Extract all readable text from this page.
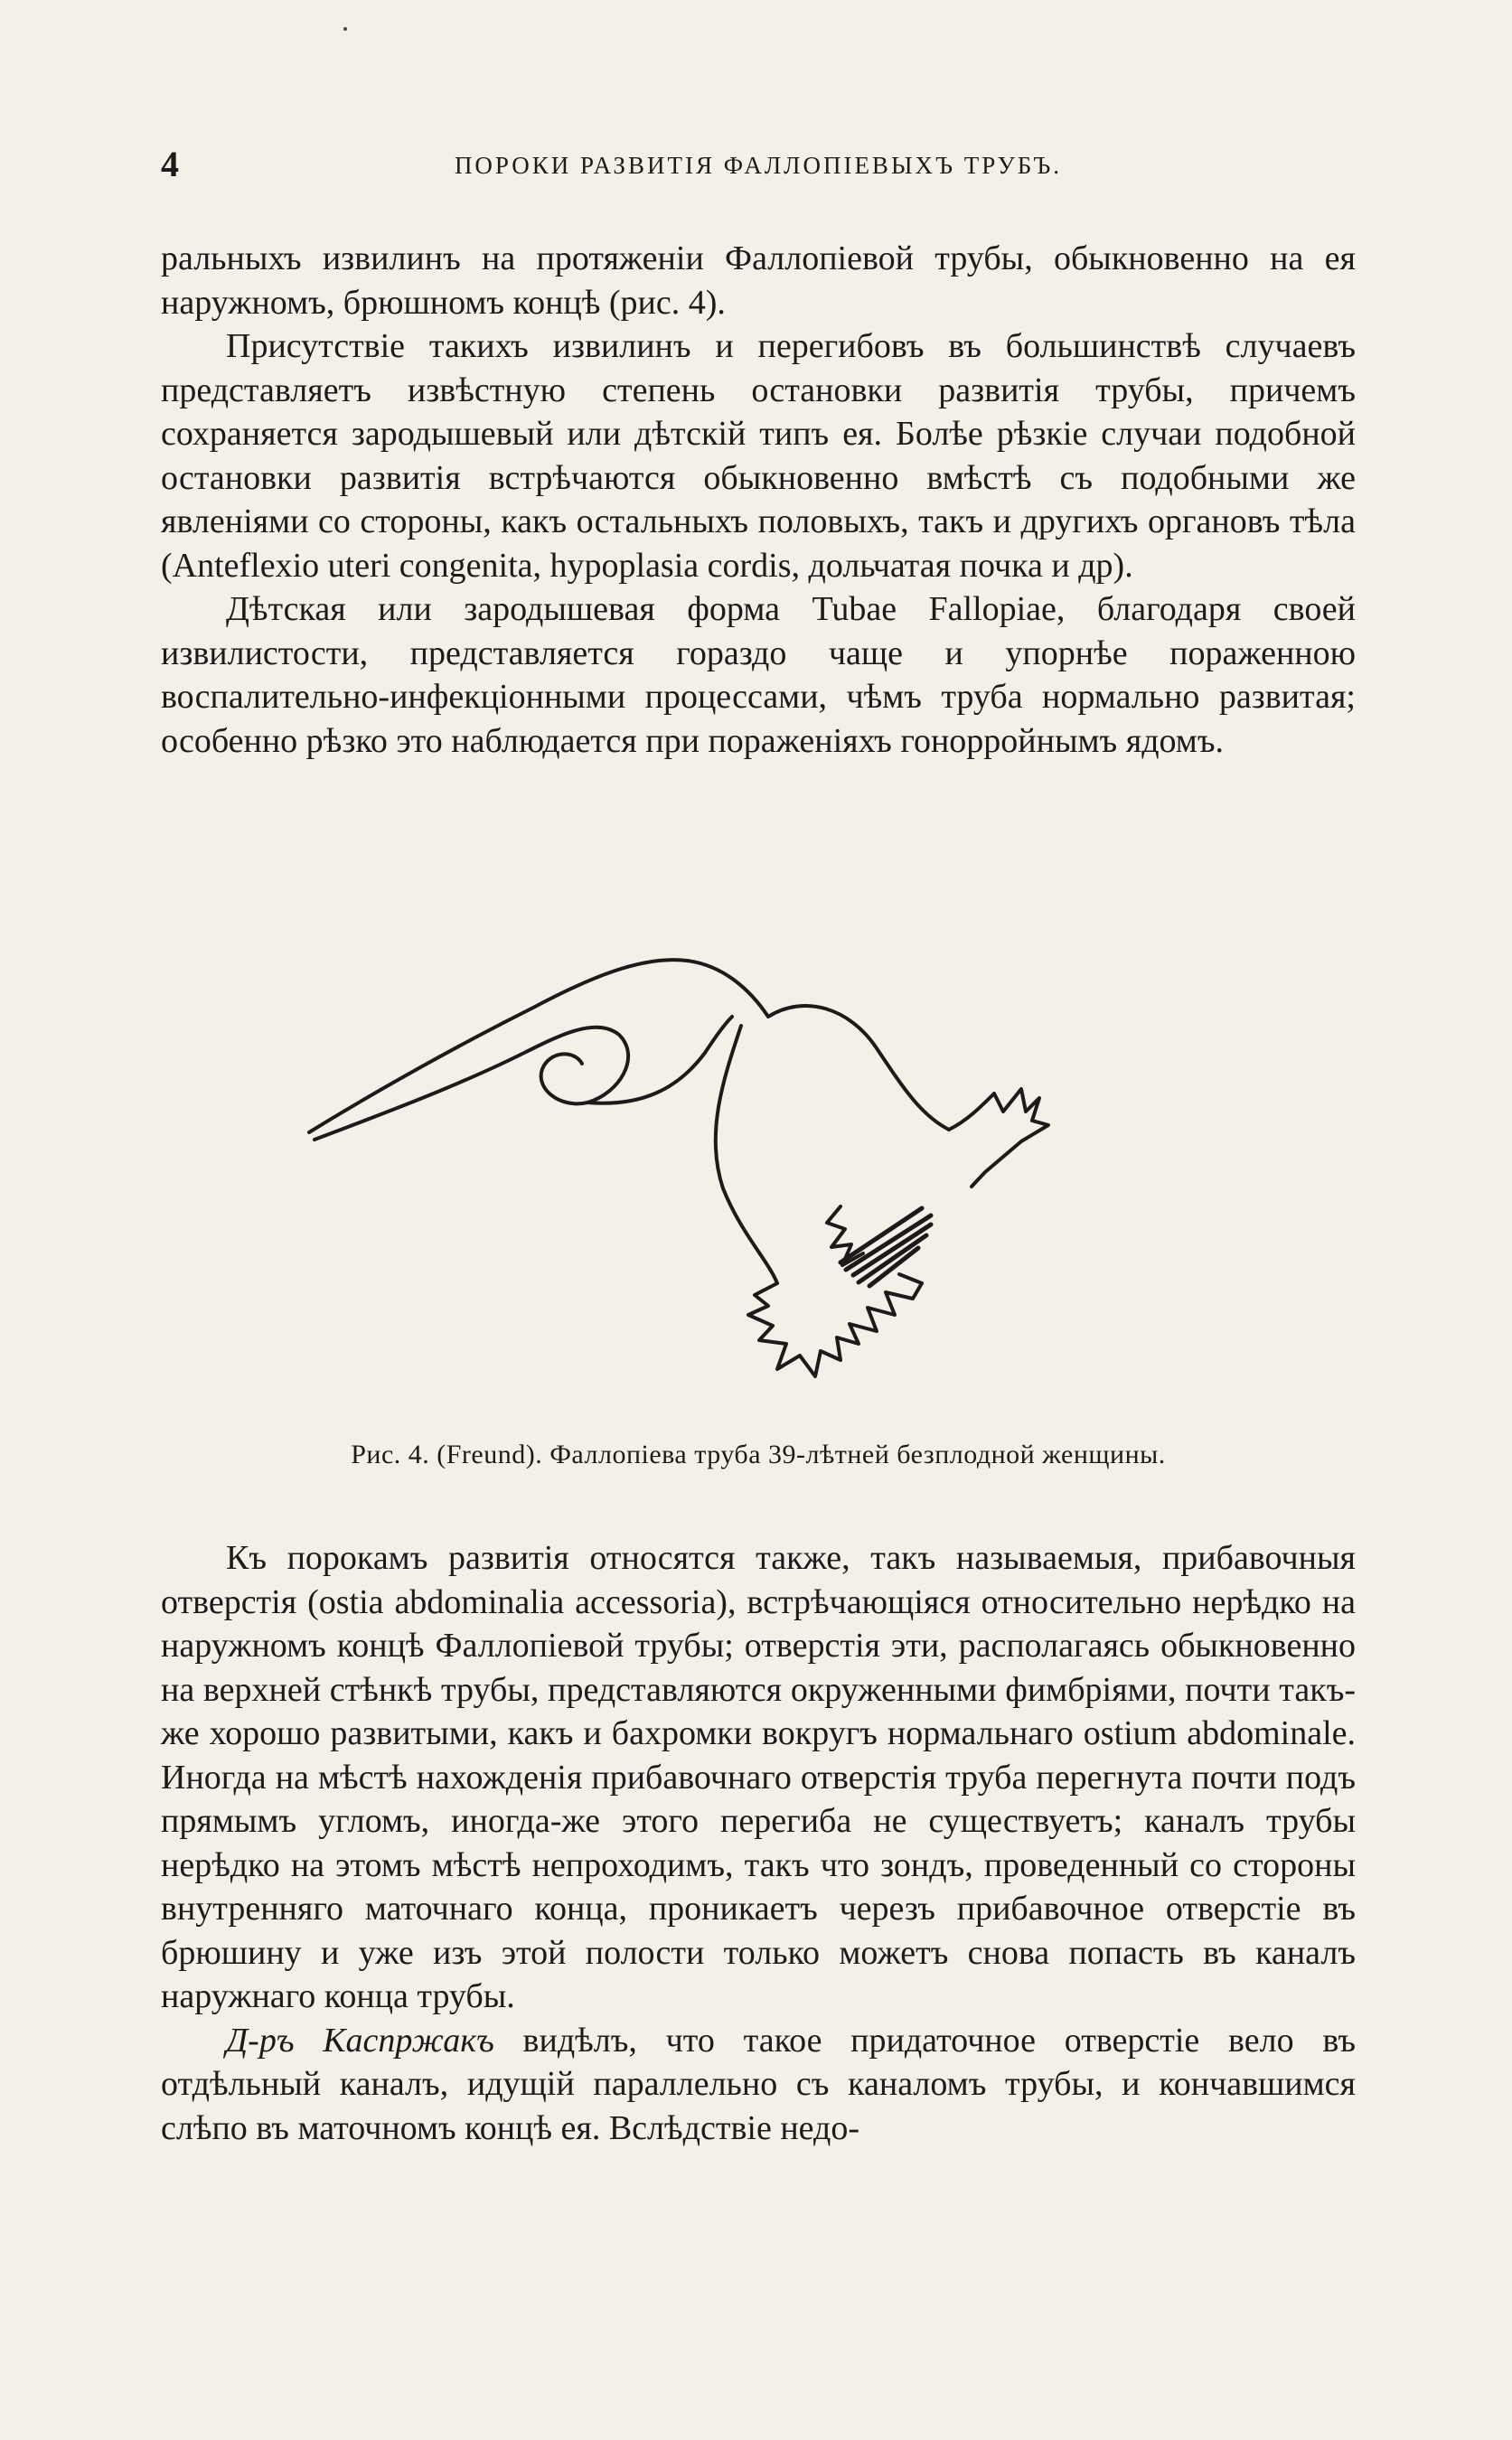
4	ПОРОКИ РАЗВИТІЯ ФАЛЛОПІЕВЫХЪ ТРУБЪ.

ральныхъ извилинъ на протяженіи Фаллопіевой трубы, обыкновенно на ея наружномъ, брюшномъ концѣ (рис. 4).

Присутствіе такихъ извилинъ и перегибовъ въ большинствѣ случаевъ представляетъ извѣстную степень остановки развитія трубы, причемъ сохраняется зародышевый или дѣтскій типъ ея. Болѣе рѣзкіе случаи подобной остановки развитія встрѣчаются обыкновенно вмѣстѣ съ подобными же явленіями со стороны, какъ остальныхъ половыхъ, такъ и другихъ органовъ тѣла (Anteflexio uteri congenita, hypoplasia cordis, дольчатая почка и др).

Дѣтская или зародышевая форма Tubae Falloрiae, благодаря своей извилистости, представляется гораздо чаще и упорнѣе пораженною воспалительно-инфекціонными процессами, чѣмъ труба нормально развитая; особенно рѣзко это наблюдается при пораженіяхъ гонорройнымъ ядомъ.

Рис. 4. (Freund). Фаллопіева труба 39-лѣтней безплодной женщины.

Къ порокамъ развитія относятся также, такъ называемыя, прибавочныя отверстія (ostia abdominalia accessoria), встрѣчающіяся относительно нерѣдко на наружномъ концѣ Фаллопіевой трубы; отверстія эти, располагаясь обыкновенно на верхней стѣнкѣ трубы, представляются окруженными фимбріями, почти такъ-же хорошо развитыми, какъ и бахромки вокругъ нормальнаго ostium abdominale. Иногда на мѣстѣ нахожденія прибавочнаго отверстія труба перегнута почти подъ прямымъ угломъ, иногда-же этого перегиба не существуетъ; каналъ трубы нерѣдко на этомъ мѣстѣ непроходимъ, такъ что зондъ, проведенный со стороны внутренняго маточнаго конца, проникаетъ черезъ прибавочное отверстіе въ брюшину и уже изъ этой полости только можетъ снова попасть въ каналъ наружнаго конца трубы.

Д-ръ Каспржакъ видѣлъ, что такое придаточное отверстіе вело въ отдѣльный каналъ, идущій параллельно съ каналомъ трубы, и кончавшимся слѣпо въ маточномъ концѣ ея. Вслѣдствіе недо-
